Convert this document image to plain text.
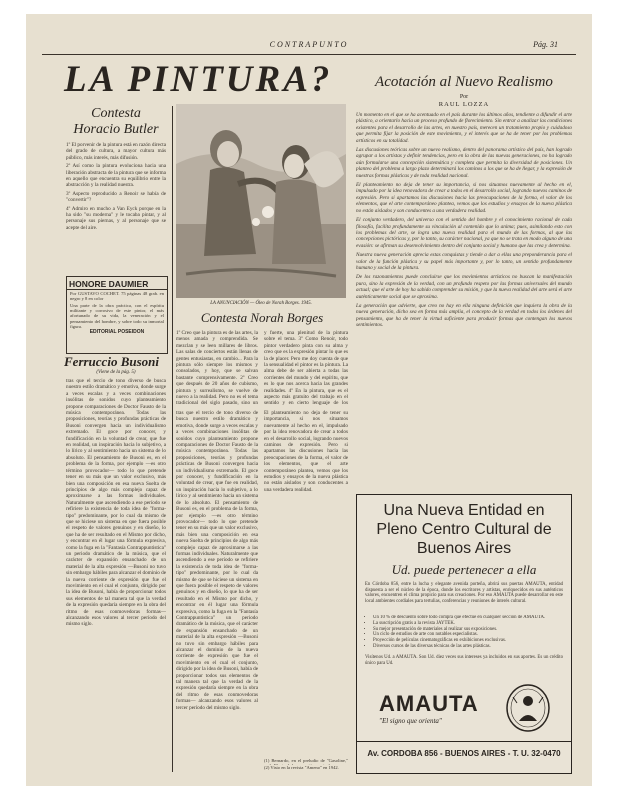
CONTRAPUNTO	Pág. 31
LA PINTURA?
Contesta
Horacio Butler

1º El porvenir de la pintura está en razón directa del grado de cultura, a mayor cultura más público, más interés, más difusión.

2º Así como la pintura evoluciona hacia una liberación abstracta de la pintura que se informa en aquello que encuentra su equilibrio entre la abstracción y la realidad nuestra.

3º Aspecto reproducido a Renoir se había de "convertir"?

4º Admiro en mucho a Van Eyck porque en la ha sido "su moderna" y le tocaba pintar, y al personaje sus piernas, y al personaje que se acepte del aire.

HONORE DAUMIER
Por GUSTAVO COCHET. 75 páginas 48 grab. en negro y 8 en color
Una parte de la obra práctica, con el espíritu militante y corrosivo de este pintor, el más afortunado de su vida, la veneración y el pensamiento del hombre, y sobre todo su inmortal figura.
EDITORIAL POSEIDON
Ferruccio Busoni
(Viene de la pág. 5)
tras que el tercio de tono diverso de busca nuestro estilo dramático y emotiva, donde surge a veces escalas y a veces combinaciones insólitas de sonidos cuyo planteamiento propone comparaciones de Doctor Fausto de la música contemporánea. Todas las proposiciones, teorías y profundas prácticas de Busoni convergen hacia un individualismo extremado. El goce por conocer, y fundificación en la voluntad de crear, que fue en realidad, un inspiración hacia lo subjetivo, a lo lírico y al sentimiento hacia un sistema de lo absoluto. El pensamiento de Busoni es, en el problema de la forma, por ejemplo —es otro término provocador— todo lo que pretende tener en su más que un valor exclusivo, más bien una composición en esa nueva Suelta de principios de algo más complejo capaz de aproximarse a las formas individuales. Naturalmente que ascendiendo a ese período se refiriere la existencia de toda idea de "forma-tipo" predominante, por lo cual da mismo de que se hiciese un sistema en que fuera posible el respeto de valores genuinos y en diseño, lo que ha de ser resultado en el Mismo por dicho, y encontrar en él lugar una fórmula expresiva, como la fuga en la "Fantasía Contrappuntistica" un periodo dramático de la música, que el carácter de expansión ensanchado de un material de la alta expresión —Busoni no tuvo sin embargo hábiles para alcanzar el dominio de la nueva corriente de expresión que fue el movimiento en el cual el conjunto, dirigido por la idea de Busoni, había de proporcionar todos sus elementos de tal manera tal que la verdad de la expresión quedaría siempre en la obra del ritmo de esas conmovedoras formas— alcanzando esos valores al tercer período del mismo siglo.
LA ANUNCIACIÓN — Óleo de Norah Borges. 1945.
Contesta Norah Borges
1º Creo que la pintura es de las artes, la menos amada y comprendida. Se mezclan y se leen millares de libros. Las salas de conciertos están llenas de gentes entusiastas, en cambio... Para la pintura sólo siempre los mismos y consolados, y hoy, que se salvan bastante comprensivamente. 2º Creo que después de 20 años de cubismo, pintura y surrealismo, se vuelve de nuevo a la realidad. Pero no es el tema tradicional del siglo pasado, sino un
y fuerte, una plenitud de la pintura sobre el tema. 3º Como Renoir, todo pintor verdadero pinta con su alma y creo que es la expresión pintar lo que es la de placer. Pero me doy cuenta de que la sensualidad el pintor es la pintura. La alma debe de ser abierta a todas las corrientes del mundo y del espíritu, que es lo que nos acerca hacia las grandes realidades. 4º En la pintura, que es el aspecto más gratuito del trabajo en el sentido y en cierto lenguaje de los
tras que el tercio de tono diverso de busca nuestro estilo dramático y emotiva, donde surge a veces escalas y a veces combinaciones insólitas de sonidos cuyo planteamiento propone comparaciones de Doctor Fausto de la música contemporánea. Todas las proposiciones, teorías y profundas prácticas de Busoni convergen hacia un individualismo extremado. El goce por conocer, y fundificación en la voluntad de crear, que fue en realidad, un inspiración hacia lo subjetivo, a lo lírico y al sentimiento hacia un sistema de lo absoluto. El pensamiento de Busoni es, en el problema de la forma, por ejemplo —es otro término provocador— todo lo que pretende tener en su más que un valor exclusivo, más bien una composición en esa nueva Suelta de principios de algo más complejo capaz de aproximarse a las formas individuales. Naturalmente que ascendiendo a ese período se refiriere la existencia de toda idea de "forma-tipo" predominante, por lo cual da mismo de que se hiciese un sistema en que fuera posible el respeto de valores genuinos y en diseño, lo que ha de ser resultado en el Mismo por dicho, y encontrar en él lugar una fórmula expresiva, como la fuga en la "Fantasía Contrappuntistica" un periodo dramático de la música, que el carácter de expansión ensanchado de un material de la alta expresión —Busoni no tuvo sin embargo hábiles para alcanzar el dominio de la nueva corriente de expresión que fue el movimiento en el cual el conjunto, dirigido por la idea de Busoni, había de proporcionar todos sus elementos de tal manera tal que la verdad de la expresión quedaría siempre en la obra del ritmo de esas conmovedoras formas— alcanzando esos valores al tercer período del mismo siglo.
El planteamiento no deja de tener su importancia, si nos situamos nuevamente al hecho en el, impulsado por la idea renovadora de crear a todos en el desarrollo social, logrando nuevos caminos de expresión. Pero si apartamos las discusiones hacia las preocupaciones de la forma, el valor de los elementos, que el arte contemporáneo plantea, vemos que los estudios y ensayos de la nueva plástica no están aislados y son conducentes a una verdadera realidad.
(1) Bernardo, en el preludio de "Gasoline,"
(2) Visto en la revista "Ameno" en 1942.
Acotación al Nuevo Realismo
Por
RAUL LOZZA

Un momento en el que se ha acentuado en el país durante los últimos años, tendiente a difundir el arte plástico, a orientarlo hacia un proceso profundo de florecimiento. Sin entrar a analizar las condiciones existentes para el desarrollo de las artes, en nuestro país, merecen un tratamiento propio y cuidadoso que permita fijar la posición de este movimiento, y el interés que se ha de tener por los problemas artísticos en su totalidad.

Las discusiones teóricas sobre un nuevo realismo, dentro del panorama artístico del país, han logrado agrupar a los artistas y definir tendencias, pero en la obra de las nuevas generaciones, no ha logrado aún formularse una concepción sistemática y completa que permita la diversidad de posiciones. Un planteo del problema a largo plazo determinará los caminos a los que se ha de llegar, y la expresión de nuestras formas plásticas y de toda realidad nacional.

El planteamiento no deja de tener su importancia, si nos situamos nuevamente al hecho en el, impulsado por la idea renovadora de crear a todos en el desarrollo social, logrando nuevos caminos de expresión. Pero si apartamos las discusiones hacia las preocupaciones de la forma, el valor de los elementos, que el arte contemporáneo plantea, vemos que los estudios y ensayos de la nueva plástica no están aislados y son conducentes a una verdadera realidad.

El conjunto verdadero, del universo con el sentido del hombre y el conocimiento racional de cada filosofía, facilita profundamente su vinculación al contenido que lo anima; pues, asimilando esto con los problemas del arte, se logra una nueva realidad para el mundo de las formas, al que las concepciones pictóricas y, por lo tanto, su carácter nacional, ya que no se trata en modo alguno de una evasión: se afirman su desenvolvimiento dentro del conjunto social y humano que las crea y determina.

Nuestra nueva generación aprecia estas conquistas y tiende a dar a ellas una preponderancia para el valor de la función plástica y su papel más importante y, por lo tanto, un sentido profundamente humano y social de la pintura.

De los razonamientos puede concluirse que los movimientos artísticos no buscan la manifestación pura, sino la expresión de la verdad, con un profundo respeto por las formas universales del mundo actual; que el arte de hoy ha sabido comprender su misión, y que la nueva realidad del arte será el arte auténticamente social que se aproxima.

La generación que advierte, que creo no hay en ella ninguna definición que inquiera la obra de la nueva generación, dicho sea en forma más amplia, el concepto de la verdad en todos los órdenes del pensamiento, que ha de tener la virtud suficiente para producir formas que contengan los nuevos sentimientos.

Una Nueva Entidad en Pleno Centro Cultural de Buenos Aires
Ud. puede pertenecer a ella
En Córdoba 856, entre la lucha y elegante avenida porteña, abrirá sus puertas AMAUTA, entidad dispuesta a ser el núcleo de la época, donde los escritores y artistas, enriquecidos en sus auténticos valores, encuentren el clima propicio para sus creaciones. Por eso AMAUTA puede desarrollar en este local ambientes cordiales para tertulias, conferencias y reuniones de interés cultural.
• Un 10 % de descuento sobre todo compra que efectúe en cualquier sección de AMAUTA.
• La suscripción gratis a la revista JAYTEK.
• Su mejor presentación de materiales al realizar sus exposiciones.
• Un ciclo de estudios de arte con notables especialistas.
• Proyección de películas cinematográficas en exhibiciones exclusivas.
• Diversos cursos de las diversas técnicas de las artes plásticas.
Visítenos Ud. a AMAUTA. Son Ud. diez veces sus intereses ya incluidos en sus aportes. Es un crédito único para Ud.
AMAUTA
"El signo que orienta"
Av. CORDOBA 856 - BUENOS AIRES - T. U. 32-0470
